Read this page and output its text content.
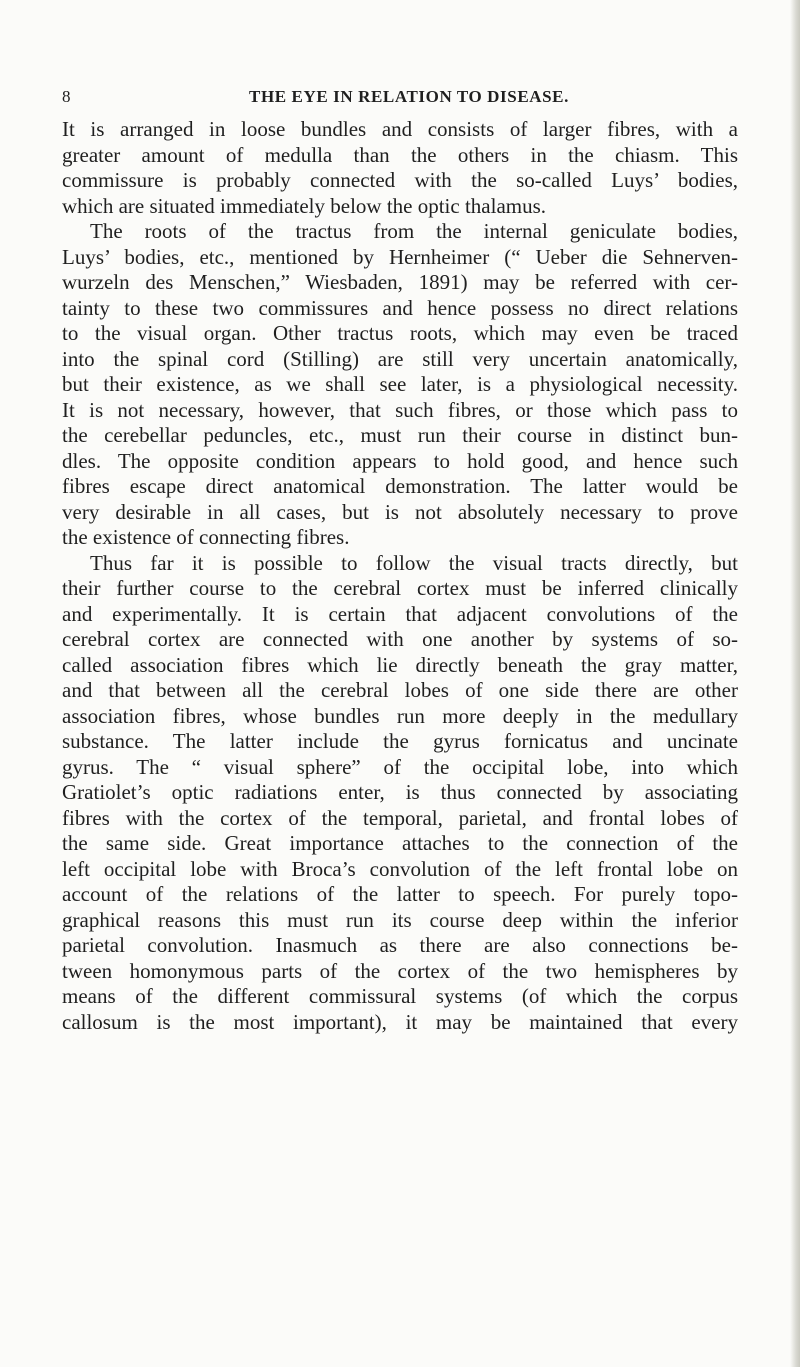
8	THE EYE IN RELATION TO DISEASE.
It is arranged in loose bundles and consists of larger fibres, with a
greater amount of medulla than the others in the chiasm. This
commissure is probably connected with the so-called Luys’ bodies,
which are situated immediately below the optic thalamus.
The roots of the tractus from the internal geniculate bodies,
Luys’ bodies, etc., mentioned by Hernheimer (“ Ueber die Sehnerven-
wurzeln des Menschen,” Wiesbaden, 1891) may be referred with cer-
tainty to these two commissures and hence possess no direct relations
to the visual organ. Other tractus roots, which may even be traced
into the spinal cord (Stilling) are still very uncertain anatomically,
but their existence, as we shall see later, is a physiological necessity.
It is not necessary, however, that such fibres, or those which pass to
the cerebellar peduncles, etc., must run their course in distinct bun-
dles. The opposite condition appears to hold good, and hence such
fibres escape direct anatomical demonstration. The latter would be
very desirable in all cases, but is not absolutely necessary to prove
the existence of connecting fibres.
Thus far it is possible to follow the visual tracts directly, but
their further course to the cerebral cortex must be inferred clinically
and experimentally. It is certain that adjacent convolutions of the
cerebral cortex are connected with one another by systems of so-
called association fibres which lie directly beneath the gray matter,
and that between all the cerebral lobes of one side there are other
association fibres, whose bundles run more deeply in the medullary
substance. The latter include the gyrus fornicatus and uncinate
gyrus. The “ visual sphere” of the occipital lobe, into which
Gratiolet’s optic radiations enter, is thus connected by associating
fibres with the cortex of the temporal, parietal, and frontal lobes of
the same side. Great importance attaches to the connection of the
left occipital lobe with Broca’s convolution of the left frontal lobe on
account of the relations of the latter to speech. For purely topo-
graphical reasons this must run its course deep within the inferior
parietal convolution. Inasmuch as there are also connections be-
tween homonymous parts of the cortex of the two hemispheres by
means of the different commissural systems (of which the corpus
callosum is the most important), it may be maintained that every
